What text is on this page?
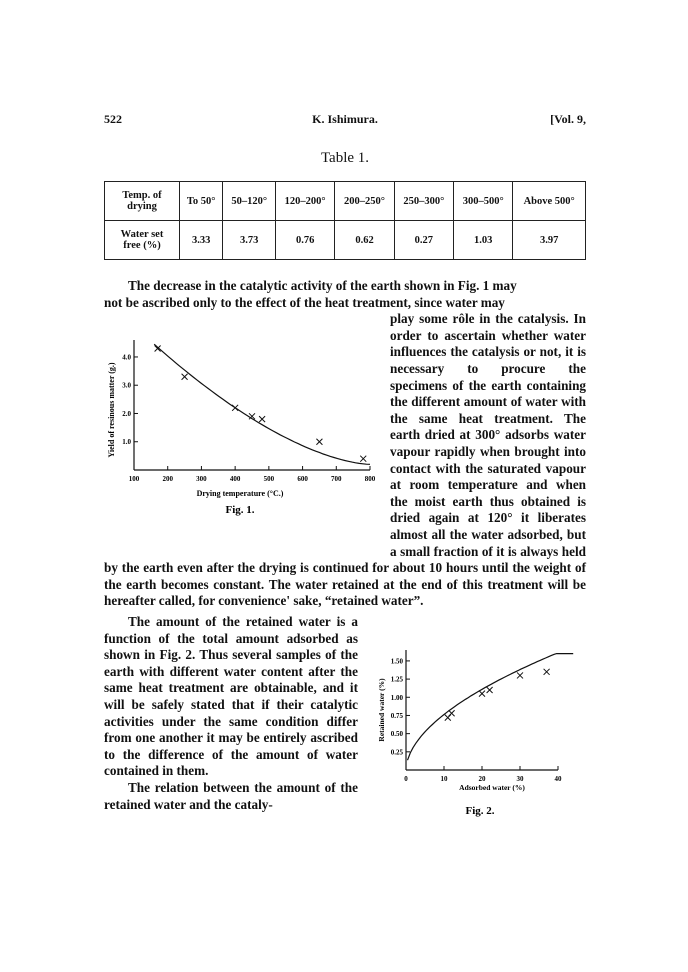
522	K. Ishimura.	[Vol. 9,
Table 1.
Temp. of
drying	To 50°	50–120°	120–200°	200–250°	250–300°	300–500°	Above 500°
Water set
free (%)	3.33	3.73	0.76	0.62	0.27	1.03	3.97
The decrease in the catalytic activity of the earth shown in Fig. 1 may
not be ascribed only to the effect of the heat treatment, since water may
play some rôle in the catalysis. In order to ascertain whether water influences the catalysis or not, it is necessary to procure the specimens of the earth containing the different amount of water with the same heat treatment. The earth dried at 300° adsorbs water vapour rapidly when brought into contact with the saturated vapour at room temperature and when the moist earth thus obtained is dried again at 120° it liberates almost all the water adsorbed, but a small fraction of it is always held by the earth even after the drying is continued for about 10 hours until the weight of the earth becomes constant. The water retained at the end of this treatment will be hereafter called, for convenience' sake, “retained water”.
100	200	300	400	500	600	700	800
1.0
2.0
3.0
4.0
Drying temperature (°C.)
Yield of resinous matter (g.)
Fig. 1.
The amount of the retained water is a function of the total amount adsorbed as shown in Fig. 2. Thus several samples of the earth with different water content after the same heat treatment are obtainable, and it will be safely stated that if their catalytic activities under the same condition differ from one another it may be entirely ascribed to the difference of the amount of water contained in them.
The relation between the amount of the retained water and the cataly-
0	10	20	30	40
0.25
0.50
0.75
1.00
1.25
1.50
Adsorbed water (%)
Retained water (%)
Fig. 2.
